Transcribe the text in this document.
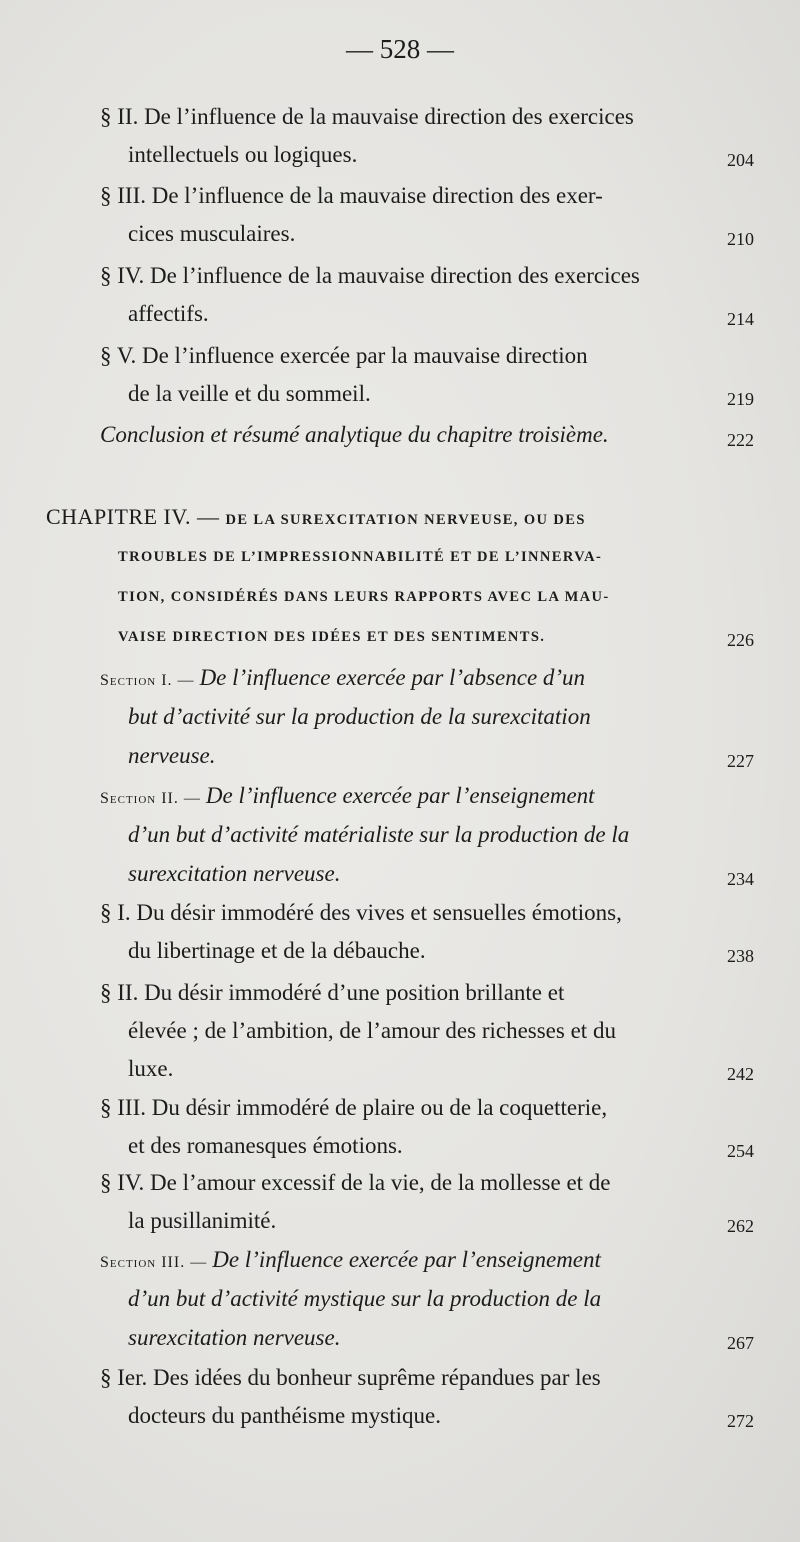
— 528 —
§ II. De l’influence de la mauvaise direction des exercices
intellectuels ou logiques.	204
§ III. De l’influence de la mauvaise direction des exer-
cices musculaires.	210
§ IV. De l’influence de la mauvaise direction des exercices
affectifs.	214
§ V. De l’influence exercée par la mauvaise direction
de la veille et du sommeil.	219
Conclusion et résumé analytique du chapitre troisième.	222
CHAPITRE IV. — DE LA SUREXCITATION NERVEUSE, OU DES
TROUBLES DE L’IMPRESSIONNABILITÉ ET DE L’INNERVA-
TION, CONSIDÉRÉS DANS LEURS RAPPORTS AVEC LA MAU-
VAISE DIRECTION DES IDÉES ET DES SENTIMENTS.	226
Section I. — De l’influence exercée par l’absence d’un
but d’activité sur la production de la surexcitation
nerveuse.	227
Section II. — De l’influence exercée par l’enseignement
d’un but d’activité matérialiste sur la production de la
surexcitation nerveuse.	234
§ I. Du désir immodéré des vives et sensuelles émotions,
du libertinage et de la débauche.	238
§ II. Du désir immodéré d’une position brillante et
élevée ; de l’ambition, de l’amour des richesses et du
luxe.	242
§ III. Du désir immodéré de plaire ou de la coquetterie,
et des romanesques émotions.	254
§ IV. De l’amour excessif de la vie, de la mollesse et de
la pusillanimité.	262
Section III. — De l’influence exercée par l’enseignement
d’un but d’activité mystique sur la production de la
surexcitation nerveuse.	267
§ Ier. Des idées du bonheur suprême répandues par les
docteurs du panthéisme mystique.	272
